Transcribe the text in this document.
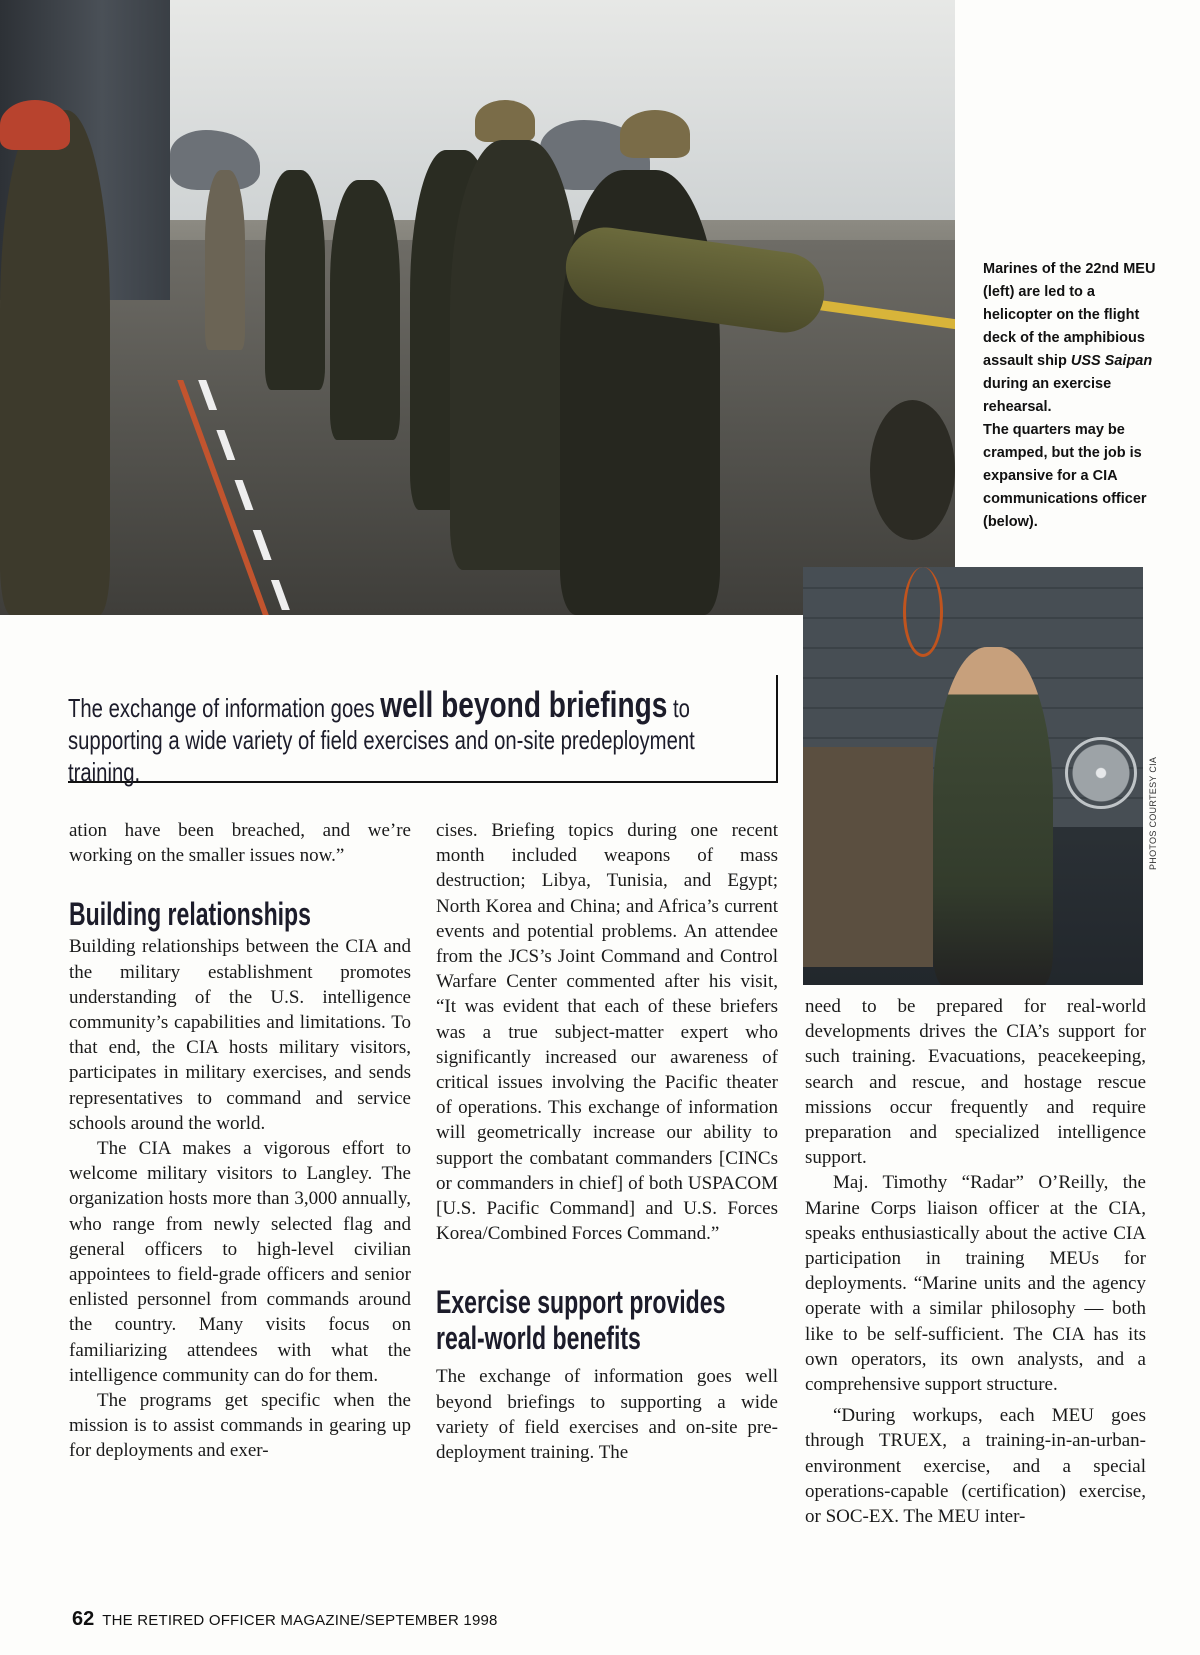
Marines of the 22nd MEU (left) are led to a helicopter on the flight deck of the amphibious assault ship USS Saipan during an exercise rehearsal.
The quarters may be cramped, but the job is expansive for a CIA communications officer (below).
PHOTOS COURTESY CIA
The exchange of information goes well beyond briefings to supporting a wide variety of field exercises and on-site predeployment training.

ation have been breached, and we’re working on the smaller issues now.”

Building relationships

Building relationships between the CIA and the military establishment promotes understanding of the U.S. intelligence community’s capabilities and limitations. To that end, the CIA hosts military visitors, participates in military exercises, and sends representatives to command and service schools around the world.

The CIA makes a vigorous effort to welcome military visitors to Langley. The organization hosts more than 3,000 annually, who range from newly selected flag and general officers to high-level civilian appointees to field-grade officers and senior enlisted personnel from commands around the country. Many visits focus on familiarizing attendees with what the intelligence community can do for them.

The programs get specific when the mission is to assist commands in gearing up for deployments and exer-

cises. Briefing topics during one recent month included weapons of mass destruction; Libya, Tunisia, and Egypt; North Korea and China; and Africa’s current events and potential problems. An attendee from the JCS’s Joint Command and Control Warfare Center commented after his visit, “It was evident that each of these briefers was a true subject-matter expert who significantly increased our awareness of critical issues involving the Pacific theater of operations. This exchange of information will geometrically increase our ability to support the combatant commanders [CINCs or commanders in chief] of both USPACOM [U.S. Pacific Command] and U.S. Forces Korea/Combined Forces Command.”

Exercise support provides
real-world benefits

The exchange of information goes well beyond briefings to supporting a wide variety of field exercises and on-site pre-deployment training. The

need to be prepared for real-world developments drives the CIA’s support for such training. Evacuations, peacekeeping, search and rescue, and hostage rescue missions occur frequently and require preparation and specialized intelligence support.

Maj. Timothy “Radar” O’Reilly, the Marine Corps liaison officer at the CIA, speaks enthusiastically about the active CIA participation in training MEUs for deployments. “Marine units and the agency operate with a similar philosophy — both like to be self-sufficient. The CIA has its own operators, its own analysts, and a comprehensive support structure.

“During workups, each MEU goes through TRUEX, a training-in-an-urban-environment exercise, and a special operations-capable (certification) exercise, or SOC-EX. The MEU inter-

62 THE RETIRED OFFICER MAGAZINE/SEPTEMBER 1998
